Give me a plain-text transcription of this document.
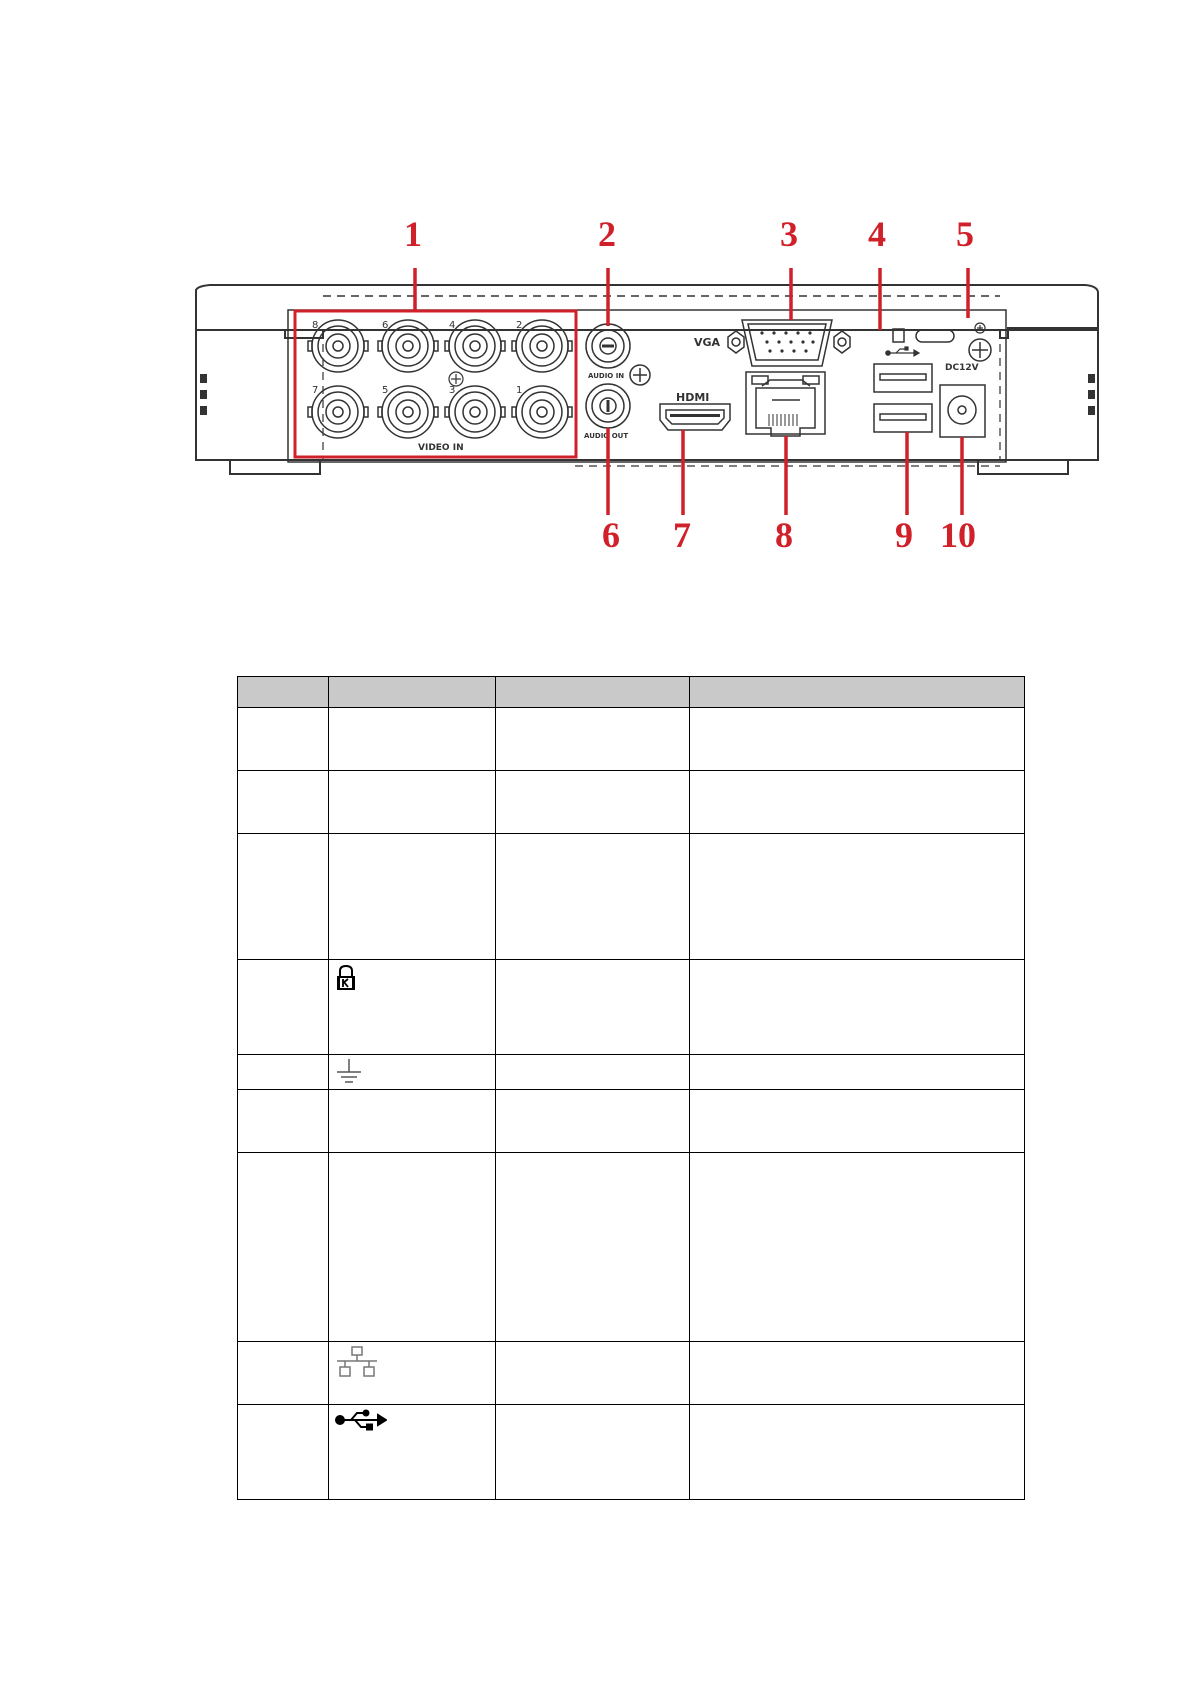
8	6	4	2
7	5	3	1
VIDEO IN
AUDIO IN
AUDIO OUT
VGA
HDMI
DC12V
1	2	3 4 5
6 7 8	9 10
